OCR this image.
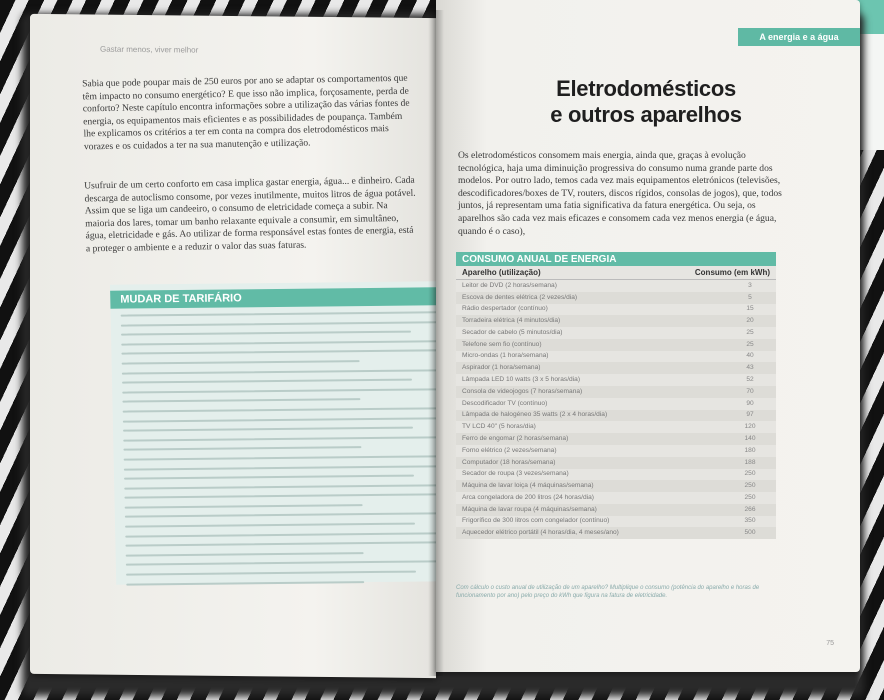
Gastar menos, viver melhor
Sabia que pode poupar mais de 250 euros por ano se adaptar os comportamentos que têm impacto no consumo energético? E que isso não implica, forçosamente, perda de conforto? Neste capítulo encontra informações sobre a utilização das várias fontes de energia, os equipamentos mais eficientes e as possibilidades de poupança. Também lhe explicamos os critérios a ter em conta na compra dos eletrodomésticos mais vorazes e os cuidados a ter na sua manutenção e utilização.
Usufruir de um certo conforto em casa implica gastar energia, água... e dinheiro. Cada descarga de autoclismo consome, por vezes inutilmente, muitos litros de água potável. Assim que se liga um candeeiro, o consumo de eletricidade começa a subir. Na maioria dos lares, tomar um banho relaxante equivale a consumir, em simultâneo, água, eletricidade e gás. Ao utilizar de forma responsável estas fontes de energia, está a proteger o ambiente e a reduzir o valor das suas faturas.
MUDAR DE TARIFÁRIO
A energia e a água
Eletrodomésticos
e outros aparelhos
Os eletrodomésticos consomem mais energia, ainda que, graças à evolução tecnológica, haja uma diminuição progressiva do consumo numa grande parte dos modelos. Por outro lado, temos cada vez mais equipamentos eletrónicos (televisões, descodificadores/boxes de TV, routers, discos rígidos, consolas de jogos), que, todos juntos, já representam uma fatia significativa da fatura energética. Ou seja, os aparelhos são cada vez mais eficazes e consomem cada vez menos energia (e água, quando é o caso),
CONSUMO ANUAL DE ENERGIA
Aparelho (utilização)	Consumo (em kWh)
Leitor de DVD (2 horas/semana)	3
Escova de dentes elétrica (2 vezes/dia)	5
Rádio despertador (contínuo)	15
Torradeira elétrica (4 minutos/dia)	20
Secador de cabelo (5 minutos/dia)	25
Telefone sem fio (contínuo)	25
Micro-ondas (1 hora/semana)	40
Aspirador (1 hora/semana)	43
Lâmpada LED 10 watts (3 x 5 horas/dia)	52
Consola de videojogos (7 horas/semana)	70
Descodificador TV (contínuo)	90
Lâmpada de halogéneo 35 watts (2 x 4 horas/dia)	97
TV LCD 40" (5 horas/dia)	120
Ferro de engomar (2 horas/semana)	140
Forno elétrico (2 vezes/semana)	180
Computador (18 horas/semana)	188
Secador de roupa (3 vezes/semana)	250
Máquina de lavar loiça (4 máquinas/semana)	250
Arca congeladora de 200 litros (24 horas/dia)	250
Máquina de lavar roupa (4 máquinas/semana)	266
Frigorífico de 300 litros com congelador (contínuo)	350
Aquecedor elétrico portátil (4 horas/dia, 4 meses/ano)	500
Com cálculo o custo anual de utilização de um aparelho? Multiplique o consumo (potência do aparelho e horas de funcionamento por ano) pelo preço do kWh que figura na fatura de eletricidade.
75
